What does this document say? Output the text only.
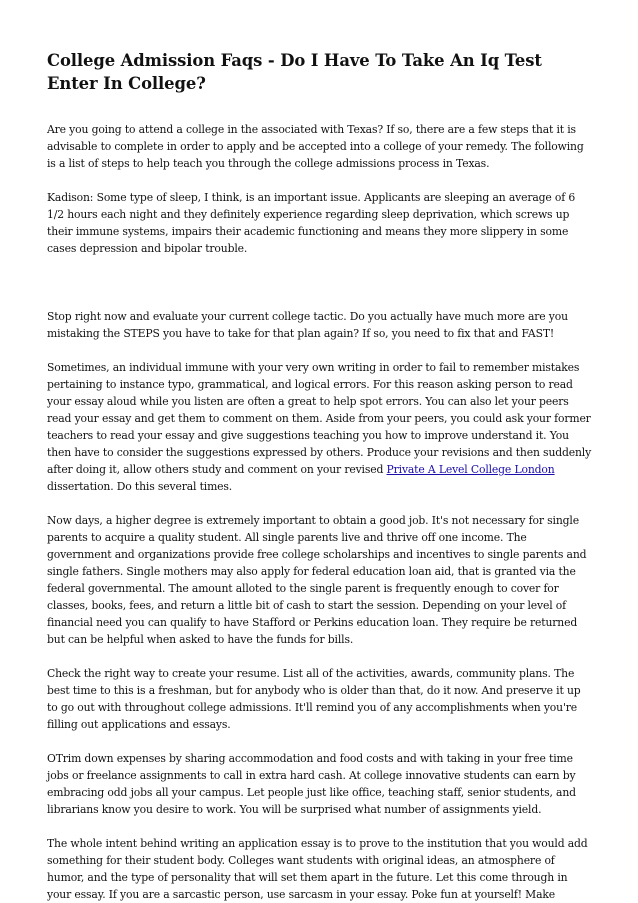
College Admission Faqs - Do I Have To Take An Iq Test Enter In College?

Are you going to attend a college in the associated with Texas? If so, there are a few steps that it is advisable to complete in order to apply and be accepted into a college of your remedy. The following is a list of steps to help teach you through the college admissions process in Texas.

Kadison: Some type of sleep, I think, is an important issue. Applicants are sleeping an average of 6 1/2 hours each night and they definitely experience regarding sleep deprivation, which screws up their immune systems, impairs their academic functioning and means they more slippery in some cases depression and bipolar trouble.

Stop right now and evaluate your current college tactic. Do you actually have much more are you mistaking the STEPS you have to take for that plan again? If so, you need to fix that and FAST!

Sometimes, an individual immune with your very own writing in order to fail to remember mistakes pertaining to instance typo, grammatical, and logical errors. For this reason asking person to read your essay aloud while you listen are often a great to help spot errors. You can also let your peers read your essay and get them to comment on them. Aside from your peers, you could ask your former teachers to read your essay and give suggestions teaching you how to improve understand it. You then have to consider the suggestions expressed by others. Produce your revisions and then suddenly after doing it, allow others study and comment on your revised Private A Level College London dissertation. Do this several times.

Now days, a higher degree is extremely important to obtain a good job. It's not necessary for single parents to acquire a quality student. All single parents live and thrive off one income. The government and organizations provide free college scholarships and incentives to single parents and single fathers. Single mothers may also apply for federal education loan aid, that is granted via the federal governmental. The amount alloted to the single parent is frequently enough to cover for classes, books, fees, and return a little bit of cash to start the session. Depending on your level of financial need you can qualify to have Stafford or Perkins education loan. They require be returned but can be helpful when asked to have the funds for bills.

Check the right way to create your resume. List all of the activities, awards, community plans. The best time to this is a freshman, but for anybody who is older than that, do it now. And preserve it up to go out with throughout college admissions. It'll remind you of any accomplishments when you're filling out applications and essays.

OTrim down expenses by sharing accommodation and food costs and with taking in your free time jobs or freelance assignments to call in extra hard cash. At college innovative students can earn by embracing odd jobs all your campus. Let people just like office, teaching staff, senior students, and librarians know you desire to work. You will be surprised what number of assignments yield.

The whole intent behind writing an application essay is to prove to the institution that you would add something for their student body. Colleges want students with original ideas, an atmosphere of humor, and the type of personality that will set them apart in the future. Let this come through in your essay. If you are a sarcastic person, use sarcasm in your essay. Poke fun at yourself! Make
